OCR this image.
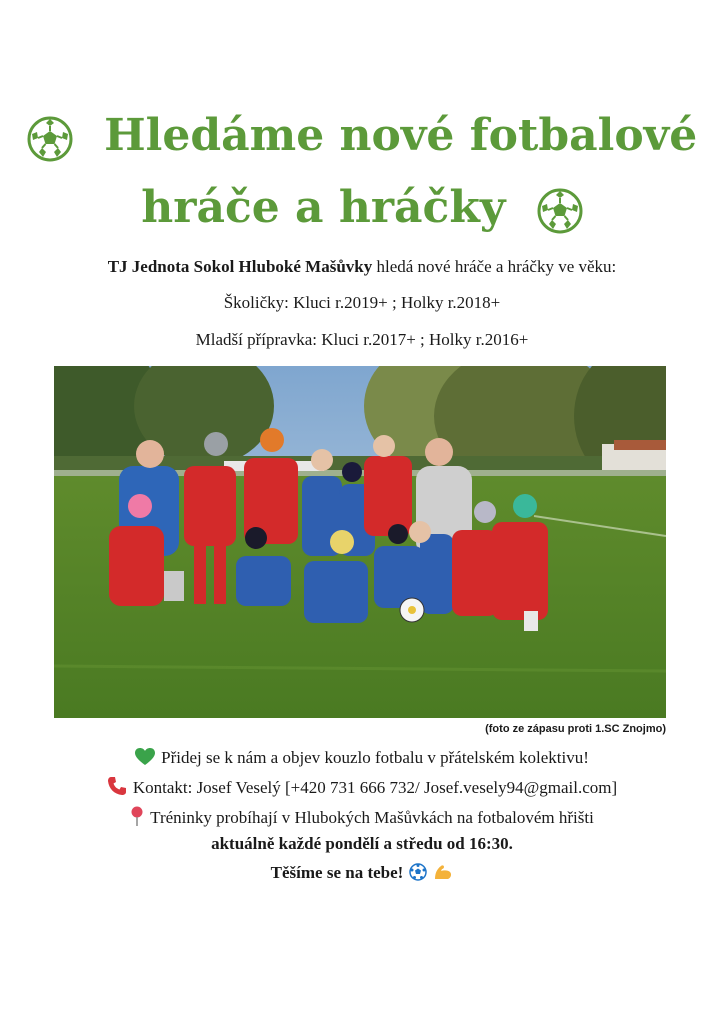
Hledáme nové fotbalové
hráče a hráčky
TJ Jednota Sokol Hluboké Mašůvky hledá nové hráče a hráčky ve věku:
Školičky: Kluci r.2019+ ; Holky r.2018+
Mladší přípravka: Kluci r.2017+ ; Holky r.2016+
(foto ze zápasu proti 1.SC Znojmo)
Přidej se k nám a objev kouzlo fotbalu v přátelském kolektivu!
Kontakt: Josef Veselý [+420 731 666 732/ Josef.vesely94@gmail.com]
Tréninky probíhají v Hlubokých Mašůvkách na fotbalovém hřišti
aktuálně každé pondělí a středu od 16:30.
Těšíme se na tebe!
